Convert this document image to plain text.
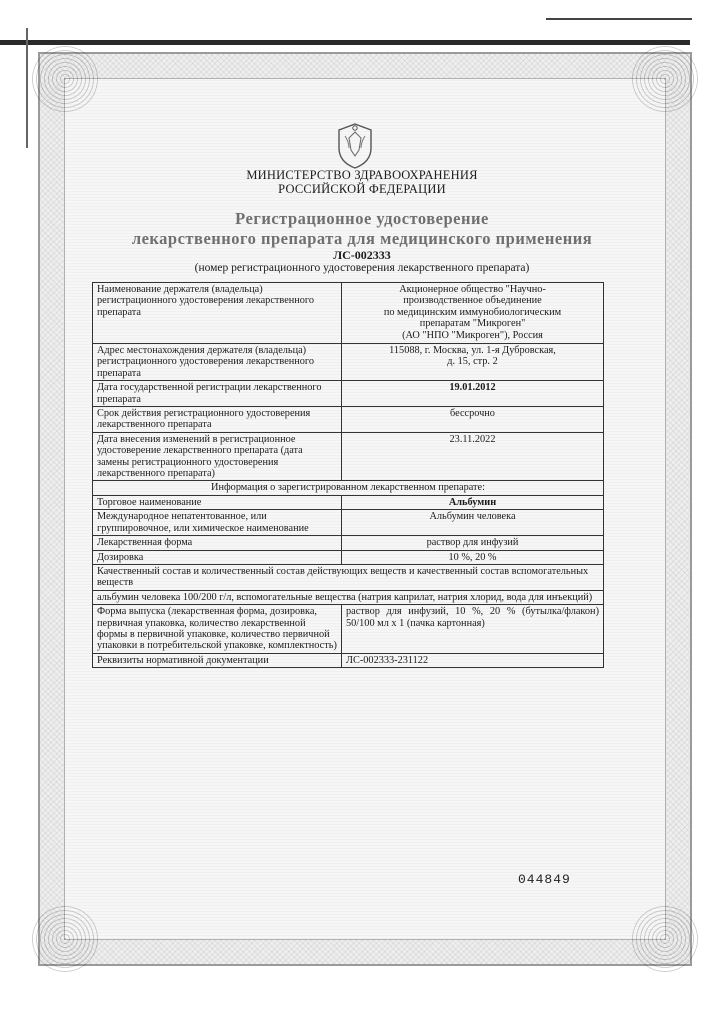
МИНИСТЕРСТВО ЗДРАВООХРАНЕНИЯ
РОССИЙСКОЙ ФЕДЕРАЦИИ
Регистрационное удостоверение
лекарственного препарата для медицинского применения
ЛС-002333
(номер регистрационного удостоверения лекарственного препарата)
Наименование держателя (владельца) регистрационного удостоверения лекарственного препарата	Акционерное общество "Научно-
производственное объединение
по медицинским иммунобиологическим
препаратам "Микроген"
(АО "НПО "Микроген"), Россия

Адрес местонахождения держателя (владельца) регистрационного удостоверения лекарственного препарата	115088, г. Москва, ул. 1-я Дубровская,
д. 15, стр. 2

Дата государственной регистрации лекарственного препарата	19.01.2012
Срок действия регистрационного удостоверения лекарственного препарата	бессрочно
Дата внесения изменений в регистрационное удостоверение лекарственного препарата (дата замены регистрационного удостоверения лекарственного препарата)	23.11.2022
Информация о зарегистрированном лекарственном препарате:	
Торговое наименование	Альбумин
Международное непатентованное, или группировочное, или химическое наименование	Альбумин человека
Лекарственная форма	раствор для инфузий
Дозировка	10 %, 20 %
Качественный состав и количественный состав действующих веществ и качественный состав вспомогательных веществ	
альбумин человека 100/200 г/л, вспомогательные вещества (натрия каприлат, натрия хлорид, вода для инъекций)	
Форма выпуска (лекарственная форма, дозировка, первичная упаковка, количество лекарственной формы в первичной упаковке, количество первичной упаковки в потребительской упаковке, комплектность)	раствор для инфузий, 10 %, 20 % (бутылка/флакон) 50/100 мл х 1 (пачка картонная)
Реквизиты нормативной документации	ЛС-002333-231122
044849
